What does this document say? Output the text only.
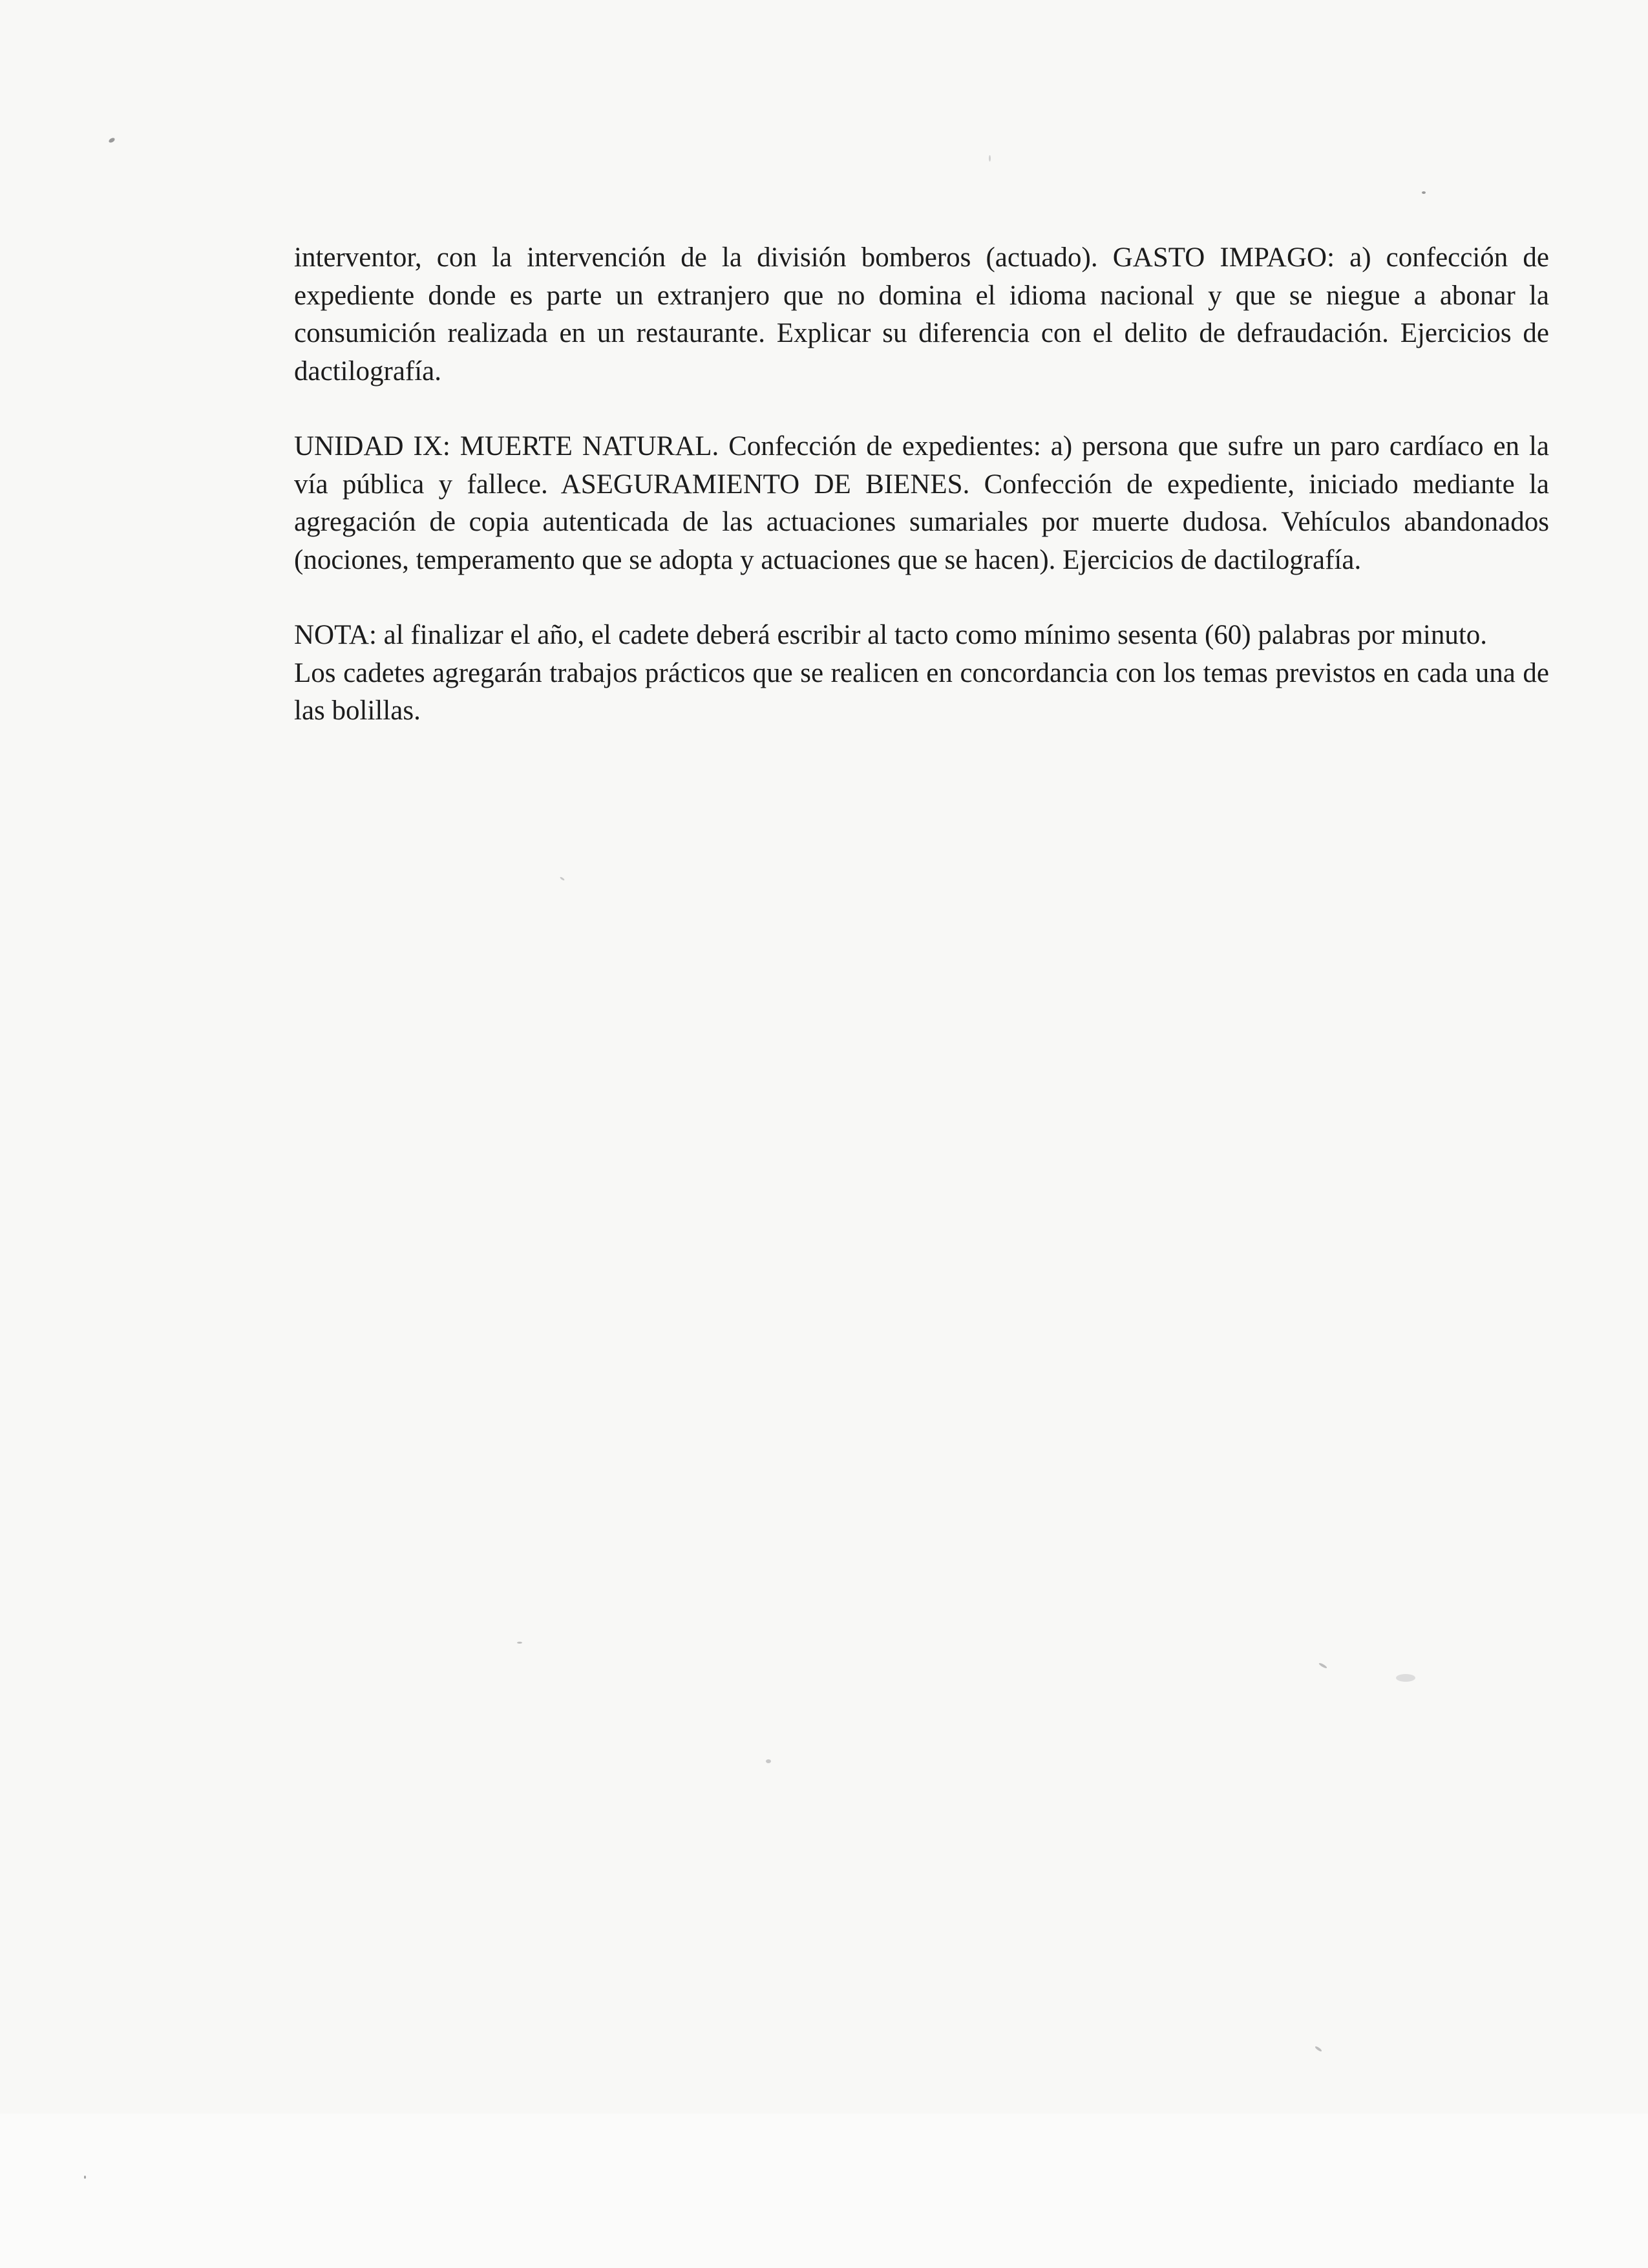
interventor, con la intervención de la división bomberos (actuado). GASTO IMPAGO: a) confección de expediente donde es parte un extranjero que no domina el idioma nacional y que se niegue a abonar la consumición realizada en un restaurante. Explicar su diferencia con el delito de defraudación. Ejercicios de dactilografía.

UNIDAD IX: MUERTE NATURAL. Confección de expedientes: a) persona que sufre un paro cardíaco en la vía pública y fallece. ASEGURAMIENTO DE BIENES. Confección de expediente, iniciado mediante la agregación de copia autenticada de las actuaciones sumariales por muerte dudosa. Vehículos abandonados (nociones, temperamento que se adopta y actuaciones que se hacen). Ejercicios de dactilografía.

NOTA: al finalizar el año, el cadete deberá escribir al tacto como mínimo sesenta (60) palabras por minuto.

Los cadetes agregarán trabajos prácticos que se realicen en concordancia con los temas previstos en cada una de las bolillas.
